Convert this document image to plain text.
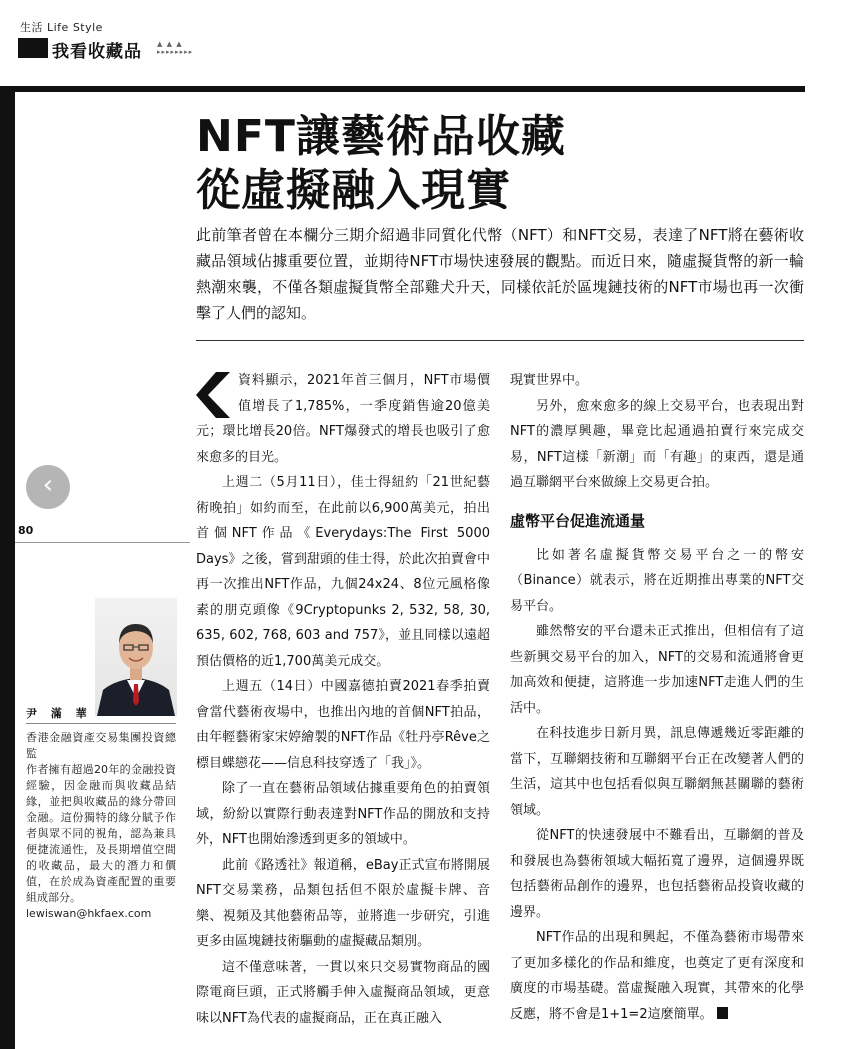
生活 Life Style
我看收藏品 ▲ ▲ ▲
▸▸▸▸▸▸▸▸
NFT讓藝術品收藏
從虛擬融入現實

此前筆者曾在本欄分三期介紹過非同質化代幣（NFT）和NFT交易，表達了NFT將在藝術收藏品領域佔據重要位置，並期待NFT市場快速發展的觀點。而近日來，隨虛擬貨幣的新一輪熱潮來襲，不僅各類虛擬貨幣全部雞犬升天，同樣依託於區塊鏈技術的NFT市場也再一次衝擊了人們的認知。

‹
80
尹 滿 華
香港金融資產交易集團投資總監
作者擁有超過20年的金融投資經驗，因金融而與收藏品結緣，並把與收藏品的緣分帶回金融。這份獨特的緣分賦予作者與眾不同的視角，認為兼具便捷流通性，及長期增值空間的收藏品，最大的潛力和價值，在於成為資產配置的重要組成部分。
lewiswan@hkfaex.com

資料顯示，2021年首三個月，NFT市場價值增長了1,785%，一季度銷售逾20億美元；環比增長20倍。NFT爆發式的增長也吸引了愈來愈多的目光。

上週二（5月11日），佳士得紐約「21世紀藝術晚拍」如約而至，在此前以6,900萬美元，拍出首個NFT作品《Everydays:The First 5000 Days》之後，嘗到甜頭的佳士得，於此次拍賣會中再一次推出NFT作品，九個24x24、8位元風格像素的朋克頭像《9Cryptopunks 2, 532, 58, 30, 635, 602, 768, 603 and 757》，並且同樣以遠超預估價格的近1,700萬美元成交。

上週五（14日）中國嘉德拍賣2021春季拍賣會當代藝術夜場中，也推出內地的首個NFT拍品，由年輕藝術家宋婷繪製的NFT作品《牡丹亭Rêve之標目蝶戀花——信息科技穿透了「我」》。

除了一直在藝術品領域佔據重要角色的拍賣領域，紛紛以實際行動表達對NFT作品的開放和支持外，NFT也開始滲透到更多的領域中。

此前《路透社》報道稱，eBay正式宣布將開展NFT交易業務，品類包括但不限於虛擬卡牌、音樂、視頻及其他藝術品等，並將進一步研究，引進更多由區塊鏈技術驅動的虛擬藏品類別。

這不僅意味著，一貫以來只交易實物商品的國際電商巨頭，正式將觸手伸入虛擬商品領域，更意味以NFT為代表的虛擬商品，正在真正融入

現實世界中。

另外，愈來愈多的線上交易平台，也表現出對NFT的濃厚興趣，畢竟比起通過拍賣行來完成交易，NFT這樣「新潮」而「有趣」的東西，還是通過互聯網平台來做線上交易更合拍。

虛幣平台促進流通量

比如著名虛擬貨幣交易平台之一的幣安（Binance）就表示，將在近期推出專業的NFT交易平台。

雖然幣安的平台還未正式推出，但相信有了這些新興交易平台的加入，NFT的交易和流通將會更加高效和便捷，這將進一步加速NFT走進人們的生活中。

在科技進步日新月異，訊息傳遞幾近零距離的當下，互聯網技術和互聯網平台正在改變著人們的生活，這其中也包括看似與互聯網無甚關聯的藝術領域。

從NFT的快速發展中不難看出，互聯網的普及和發展也為藝術領域大幅拓寬了邊界，這個邊界既包括藝術品創作的邊界，也包括藝術品投資收藏的邊界。

NFT作品的出現和興起，不僅為藝術市場帶來了更加多樣化的作品和維度，也奠定了更有深度和廣度的市場基礎。當虛擬融入現實，其帶來的化學反應，將不會是1+1=2這麼簡單。
